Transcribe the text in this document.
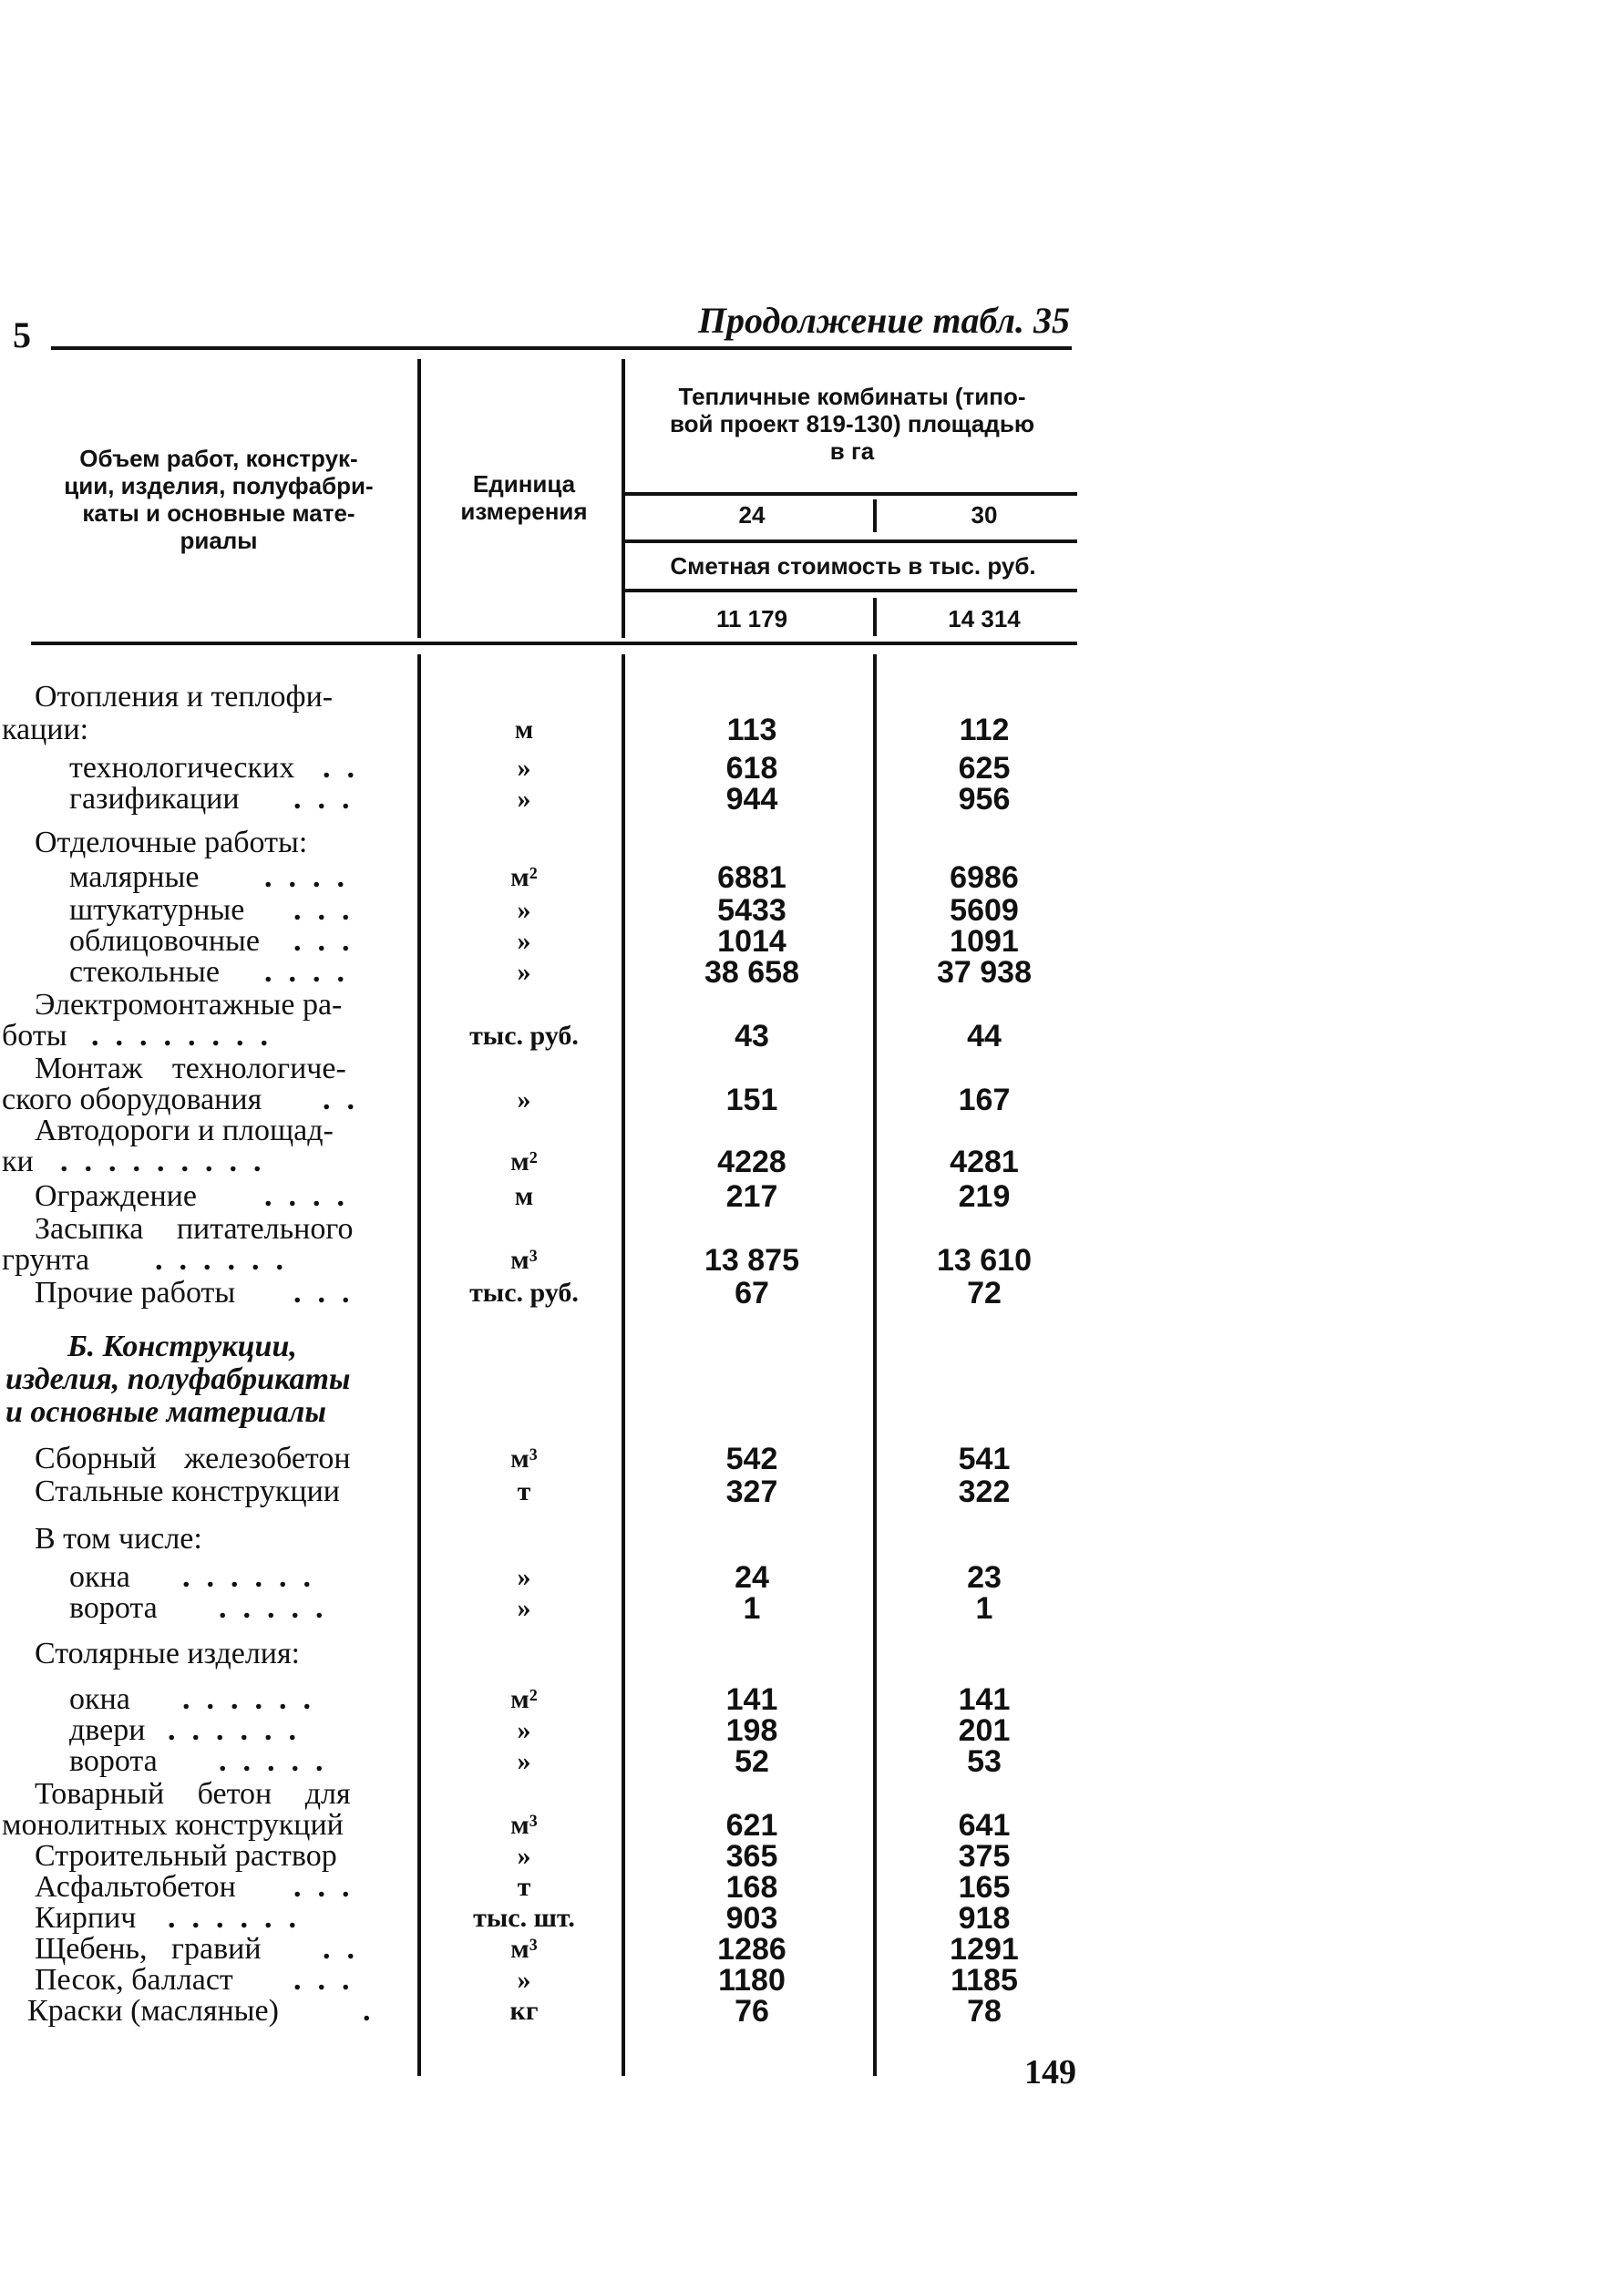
5	Продолжение табл. 35
Объем работ, конструк-
ции, изделия, полуфабри-
каты и основные мате-
риалы
Единица
измерения
Тепличные комбинаты (типо-
вой проект 819-130) площадью
в га
24	30
Сметная стоимость в тыс. руб.
11 179	14 314
Отопления и теплофи-
кации:	м	113	112
технологических ..	»	618	625
газификации ...	»	944	956
Отделочные работы:
малярные ....	м²	6881	6986
штукатурные ...	»	5433	5609
облицовочные ...	»	1014	1091
стекольные ....	»	38 658	37 938
Электромонтажные ра-
боты ........	тыс. руб.	43	44
Монтаж технологиче-
ского оборудования ..	»	151	167
Автодороги и площад-
ки .........	м²	4228	4281
Ограждение ....	м	217	219
Засыпка питательного
грунта ......	м³	13 875	13 610
Прочие работы ...	тыс. руб.	67	72
Б. Конструкции,
изделия, полуфабрикаты
и основные материалы
Сборный железобетон	м³	542	541
Стальные конструкции	т	327	322
В том числе:
окна ......	»	24	23
ворота .....	»	1	1
Столярные изделия:
окна ......	м²	141	141
двери ......	»	198	201
ворота .....	»	52	53
Товарный бетон для
монолитных конструкций	м³	621	641
Строительный раствор	»	365	375
Асфальтобетон ...	т	168	165
Кирпич ......	тыс. шт.	903	918
Щебень, гравий ..	м³	1286	1291
Песок, балласт ...	»	1180	1185
Краски (масляные)	.	кг	76	78
149
